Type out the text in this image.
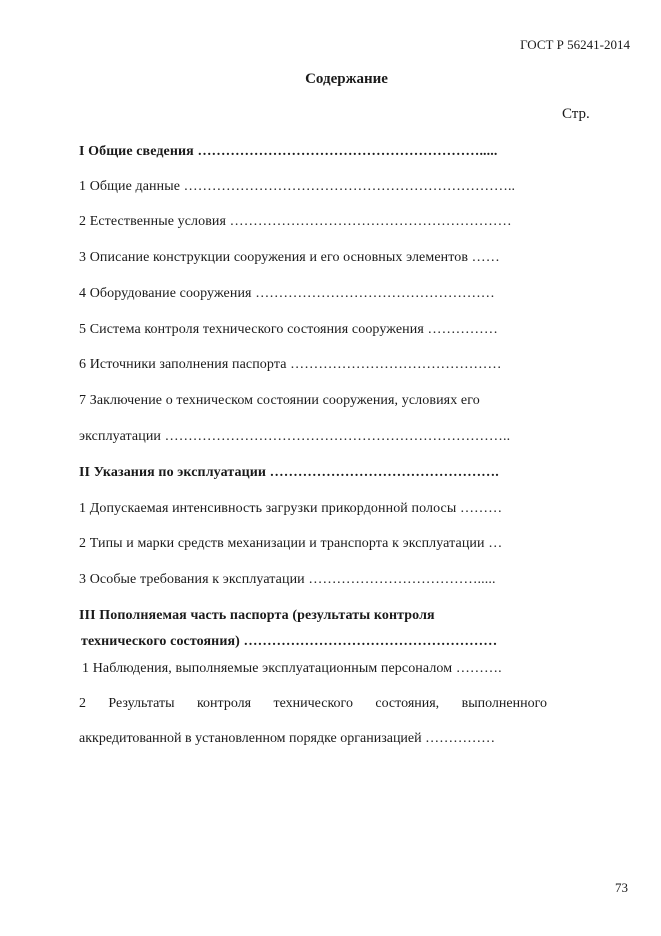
ГОСТ Р 56241-2014
Содержание
Стр.
I Общие сведения …………………………………………………….....
1 Общие данные ……………………………………………………………..
2 Естественные условия ……………………………………………………
3 Описание конструкции сооружения и его основных элементов ……
4 Оборудование сооружения ……………………………………………
5 Система контроля технического состояния сооружения ……………
6 Источники заполнения паспорта ………………………………………
7 Заключение о техническом состоянии сооружения, условиях его
эксплуатации ………………………………………………………………..
II Указания по эксплуатации ………………………………………….
1 Допускаемая интенсивность загрузки прикордонной полосы ………
2 Типы и марки средств механизации и транспорта к эксплуатации …
3 Особые требования к эксплуатации ……………………………….....
III Пополняемая часть паспорта (результаты контроля
технического состояния) ………………………………………………
1 Наблюдения, выполняемые эксплуатационным персоналом ……….
2 Результаты контроля технического состояния, выполненного аккредитованной в установленном порядке организацией ……………
73
